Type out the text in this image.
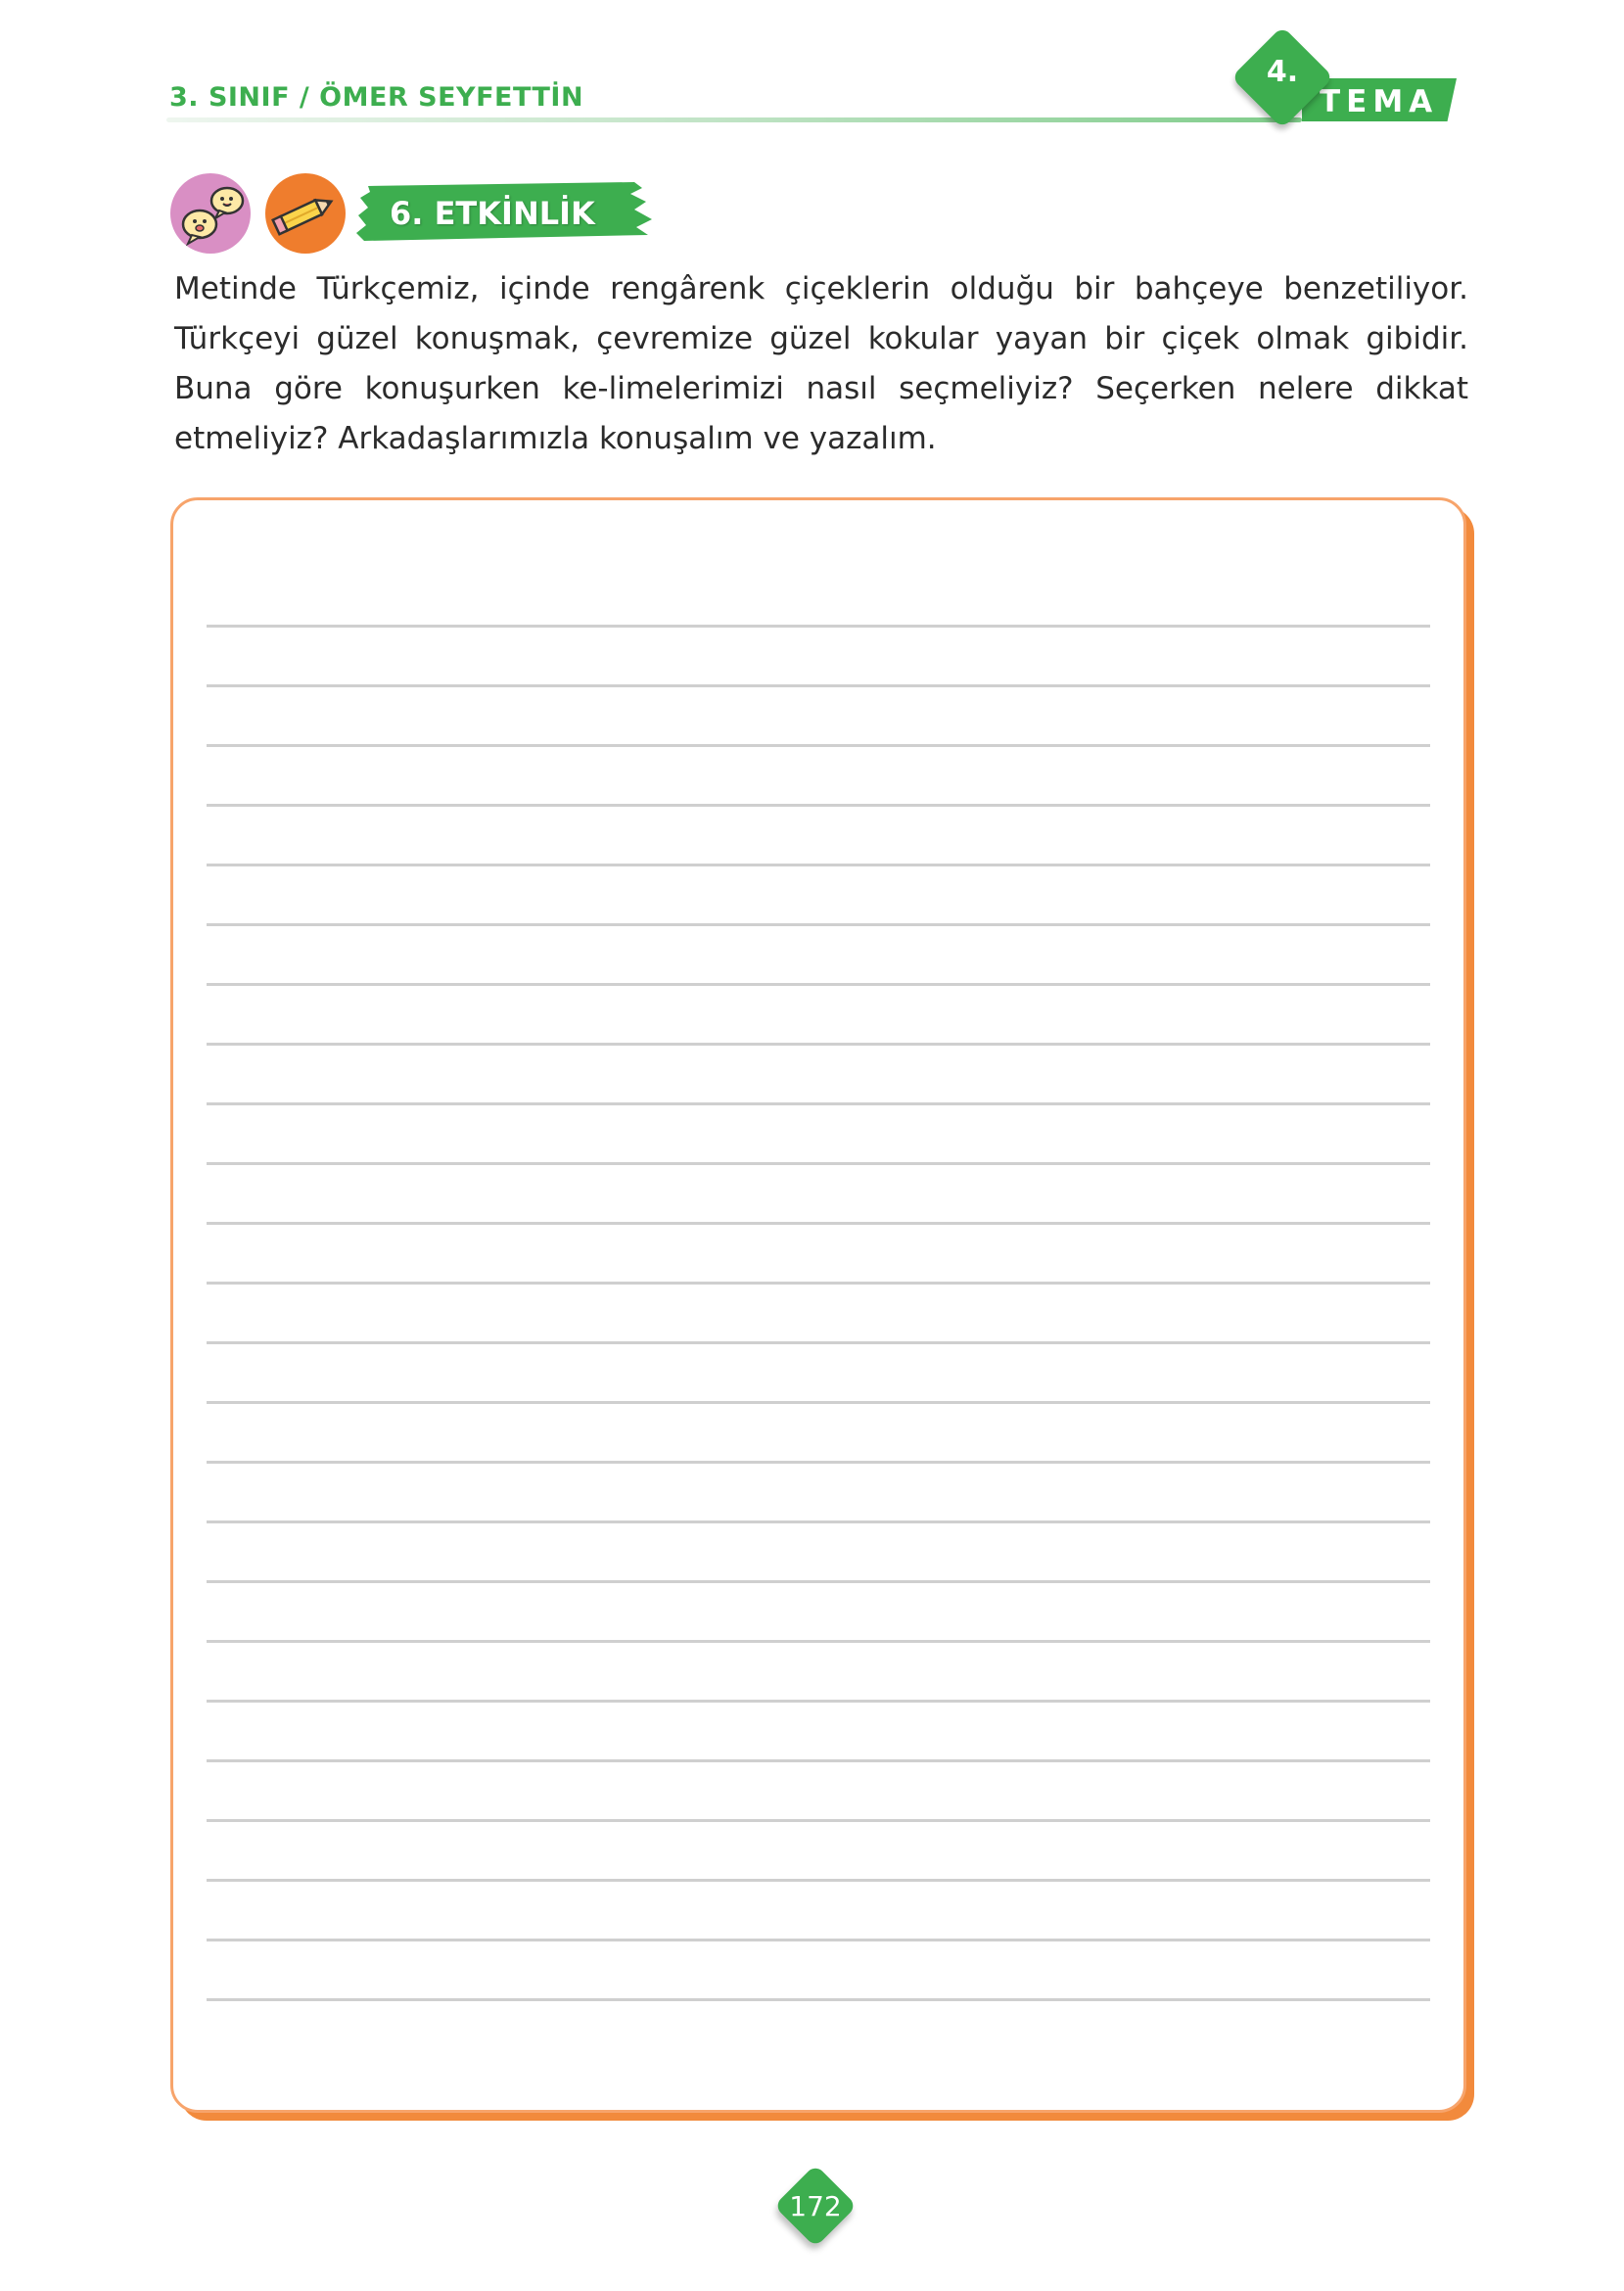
3. SINIF / ÖMER SEYFETTİN	TEMA
4.
6. ETKİNLİK

Metinde Türkçemiz, içinde rengârenk çiçeklerin olduğu bir bahçeye benzetiliyor. Türkçeyi güzel konuşmak, çevremize güzel kokular yayan bir çiçek olmak gibidir. Buna göre konuşurken ke-limelerimizi nasıl seçmeliyiz? Seçerken nelere dikkat etmeliyiz? Arkadaşlarımızla konuşalım ve yazalım.

172
